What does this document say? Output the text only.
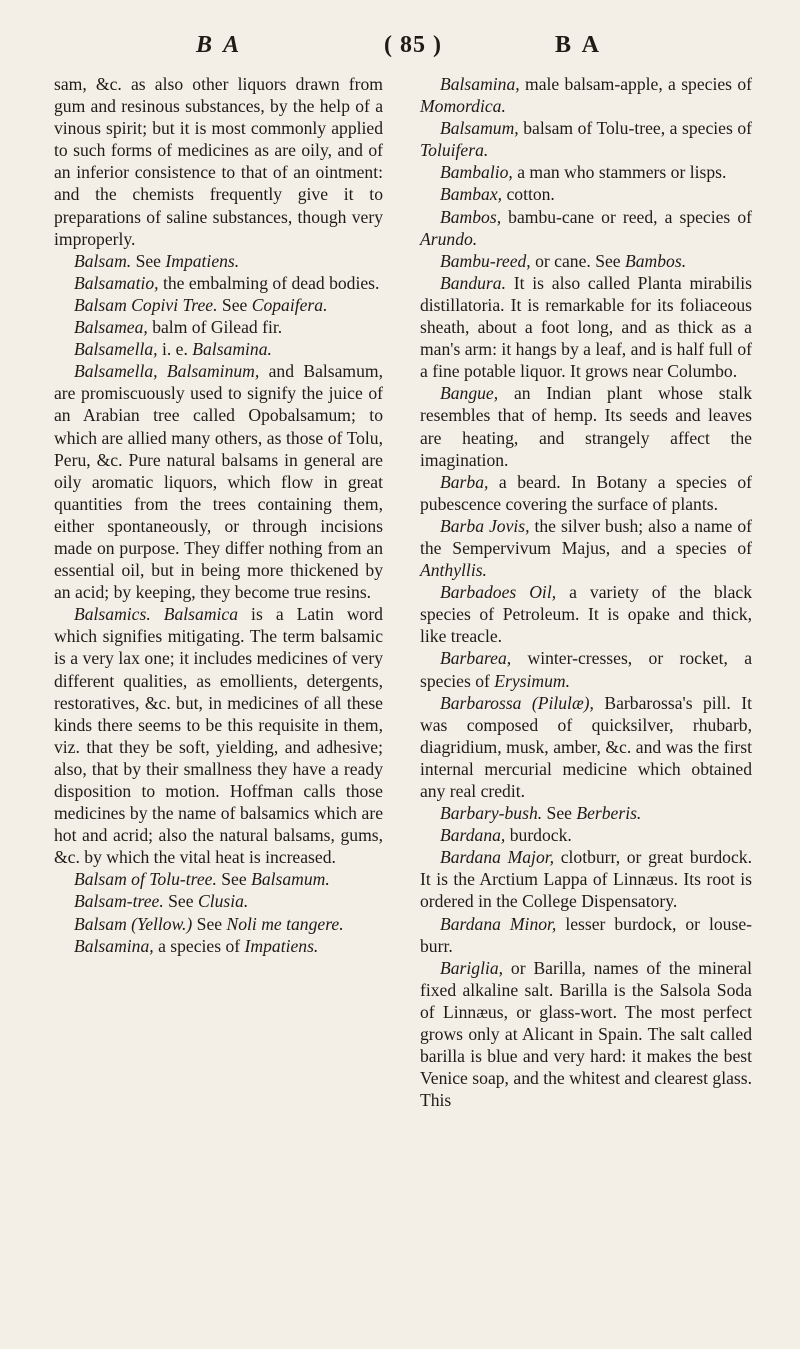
B A	( 85 )	B A

sam, &c. as also other liquors drawn from gum and resinous substances, by the help of a vinous spirit; but it is most commonly applied to such forms of medicines as are oily, and of an inferior consistence to that of an ointment: and the chemists frequently give it to preparations of saline substances, though very improperly.

Balsam. See Impatiens.

Balsamatio, the embalming of dead bodies.

Balsam Copivi Tree. See Copaifera.

Balsamea, balm of Gilead fir.

Balsamella, i. e. Balsamina.

Balsamella, Balsaminum, and Balsamum, are promiscuously used to signify the juice of an Arabian tree called Opobalsamum; to which are allied many others, as those of Tolu, Peru, &c. Pure natural balsams in general are oily aromatic liquors, which flow in great quantities from the trees containing them, either spontaneously, or through incisions made on purpose. They differ nothing from an essential oil, but in being more thickened by an acid; by keeping, they become true resins.

Balsamics. Balsamica is a Latin word which signifies mitigating. The term balsamic is a very lax one; it includes medicines of very different qualities, as emollients, detergents, restoratives, &c. but, in medicines of all these kinds there seems to be this requisite in them, viz. that they be soft, yielding, and adhesive; also, that by their smallness they have a ready disposition to motion. Hoffman calls those medicines by the name of balsamics which are hot and acrid; also the natural balsams, gums, &c. by which the vital heat is increased.

Balsam of Tolu-tree. See Balsamum.

Balsam-tree. See Clusia.

Balsam (Yellow.) See Noli me tangere.

Balsamina, a species of Impatiens.

Balsamina, male balsam-apple, a species of Momordica.

Balsamum, balsam of Tolu-tree, a species of Toluifera.

Bambalio, a man who stammers or lisps.

Bambax, cotton.

Bambos, bambu-cane or reed, a species of Arundo.

Bambu-reed, or cane. See Bambos.

Bandura. It is also called Planta mirabilis distillatoria. It is remarkable for its foliaceous sheath, about a foot long, and as thick as a man's arm: it hangs by a leaf, and is half full of a fine potable liquor. It grows near Columbo.

Bangue, an Indian plant whose stalk resembles that of hemp. Its seeds and leaves are heating, and strangely affect the imagination.

Barba, a beard. In Botany a species of pubescence covering the surface of plants.

Barba Jovis, the silver bush; also a name of the Sempervivum Majus, and a species of Anthyllis.

Barbadoes Oil, a variety of the black species of Petroleum. It is opake and thick, like treacle.

Barbarea, winter-cresses, or rocket, a species of Erysimum.

Barbarossa (Pilulæ), Barbarossa's pill. It was composed of quicksilver, rhubarb, diagridium, musk, amber, &c. and was the first internal mercurial medicine which obtained any real credit.

Barbary-bush. See Berberis.

Bardana, burdock.

Bardana Major, clotburr, or great burdock. It is the Arctium Lappa of Linnæus. Its root is ordered in the College Dispensatory.

Bardana Minor, lesser burdock, or louse-burr.

Bariglia, or Barilla, names of the mineral fixed alkaline salt. Barilla is the Salsola Soda of Linnæus, or glass-wort. The most perfect grows only at Alicant in Spain. The salt called barilla is blue and very hard: it makes the best Venice soap, and the whitest and clearest glass. This
